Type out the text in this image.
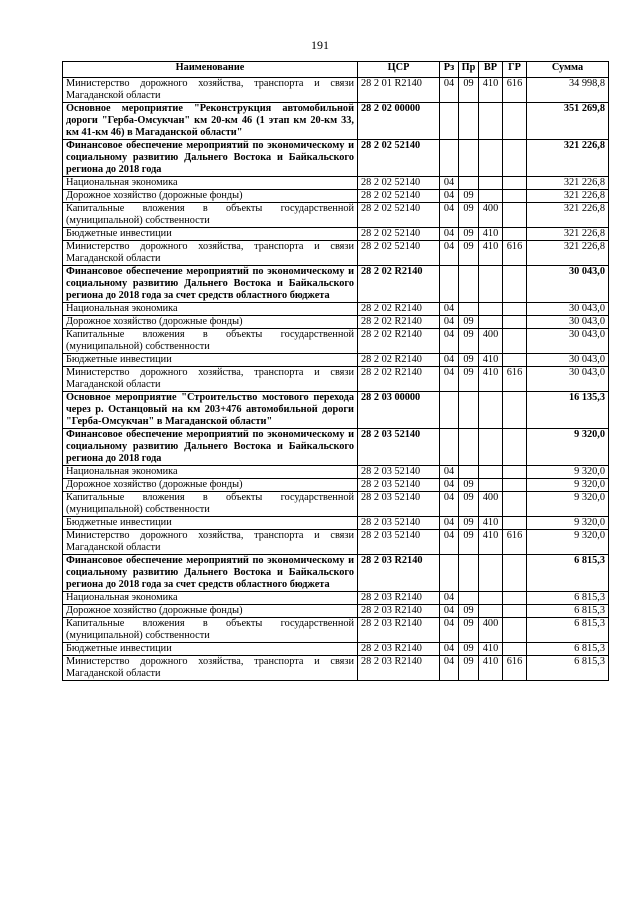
191
Наименование	ЦСР	Рз	Пр	ВР	ГР	Сумма
Министерство дорожного хозяйства, транспорта и связи Магаданской области	28 2 01 R2140	04	09	410	616	34 998,8
Основное мероприятие "Реконструкция автомобильной дороги "Герба-Омсукчан" км 20-км 46 (1 этап км 20-км 33, км 41-км 46) в Магаданской области"	28 2 02 00000					351 269,8
Финансовое обеспечение мероприятий по экономическому и социальному развитию Дальнего Востока и Байкальского региона до 2018 года	28 2 02 52140					321 226,8
Национальная экономика	28 2 02 52140	04				321 226,8
Дорожное хозяйство (дорожные фонды)	28 2 02 52140	04	09			321 226,8
Капитальные вложения в объекты государственной (муниципальной) собственности	28 2 02 52140	04	09	400		321 226,8
Бюджетные инвестиции	28 2 02 52140	04	09	410		321 226,8
Министерство дорожного хозяйства, транспорта и связи Магаданской области	28 2 02 52140	04	09	410	616	321 226,8
Финансовое обеспечение мероприятий по экономическому и социальному развитию Дальнего Востока и Байкальского региона до 2018 года за счет средств областного бюджета	28 2 02 R2140					30 043,0
Национальная экономика	28 2 02 R2140	04				30 043,0
Дорожное хозяйство (дорожные фонды)	28 2 02 R2140	04	09			30 043,0
Капитальные вложения в объекты государственной (муниципальной) собственности	28 2 02 R2140	04	09	400		30 043,0
Бюджетные инвестиции	28 2 02 R2140	04	09	410		30 043,0
Министерство дорожного хозяйства, транспорта и связи Магаданской области	28 2 02 R2140	04	09	410	616	30 043,0
Основное мероприятие "Строительство мостового перехода через р. Останцовый на км 203+476 автомобильной дороги "Герба-Омсукчан" в Магаданской области"	28 2 03 00000					16 135,3
Финансовое обеспечение мероприятий по экономическому и социальному развитию Дальнего Востока и Байкальского региона до 2018 года	28 2 03 52140					9 320,0
Национальная экономика	28 2 03 52140	04				9 320,0
Дорожное хозяйство (дорожные фонды)	28 2 03 52140	04	09			9 320,0
Капитальные вложения в объекты государственной (муниципальной) собственности	28 2 03 52140	04	09	400		9 320,0
Бюджетные инвестиции	28 2 03 52140	04	09	410		9 320,0
Министерство дорожного хозяйства, транспорта и связи Магаданской области	28 2 03 52140	04	09	410	616	9 320,0
Финансовое обеспечение мероприятий по экономическому и социальному развитию Дальнего Востока и Байкальского региона до 2018 года за счет средств областного бюджета	28 2 03 R2140					6 815,3
Национальная экономика	28 2 03 R2140	04				6 815,3
Дорожное хозяйство (дорожные фонды)	28 2 03 R2140	04	09			6 815,3
Капитальные вложения в объекты государственной (муниципальной) собственности	28 2 03 R2140	04	09	400		6 815,3
Бюджетные инвестиции	28 2 03 R2140	04	09	410		6 815,3
Министерство дорожного хозяйства, транспорта и связи Магаданской области	28 2 03 R2140	04	09	410	616	6 815,3
